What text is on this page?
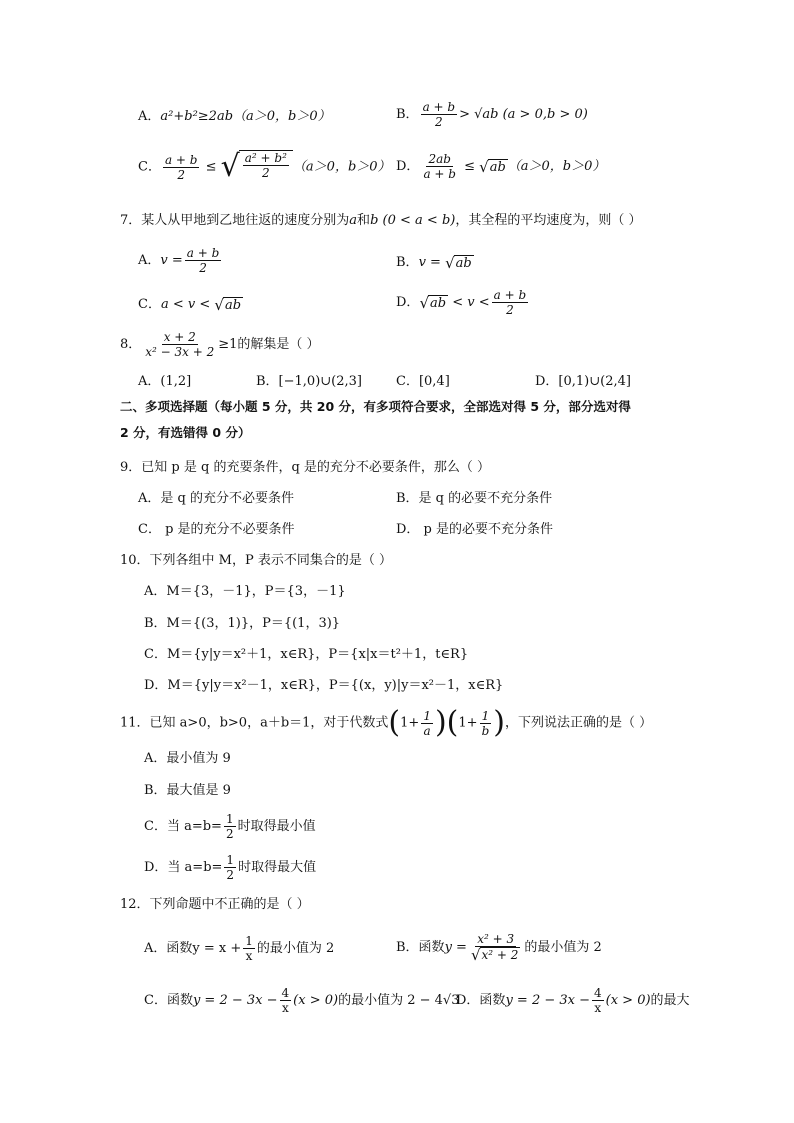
A．a²+b²≥2ab（a＞0，b＞0）	B． $\frac{a + b}{2} > √ab$ (a > 0,b > 0)
C． $\frac{a + b}{2}$ ≤ √ $\frac{\text{a² + b²}}{2} (a>0$，b＞0） D． $\frac{2ab}{a + b}$ ≤ √ ab （a＞0，b＞0）
7．某人从甲地到乙地往返的速度分别为a和b (0 < a < b)，其全程的平均速度为，则（ ）
A．$v = \frac{a + b}{2}$	B．v = √ ab
C．a < v < √ ab	D． √ ab < $v < \frac{a + b}{2}$
8． $\frac{x + 2}{\text{x² − 3x + 2}} \ge 1$的解集是（ ）
A．(1,2]	B．[−1,0)∪(2,3]	C．[0,4]	D．[0,1)∪(2,4]
二、多项选择题（每小题 5 分，共 20 分，有多项符合要求，全部选对得 5 分，部分选对得
2 分，有选错得 0 分）
9．已知 p 是 q 的充要条件，q 是的充分不必要条件，那么（ ）
A．是 q 的充分不必要条件	B．是 q 的必要不充分条件
C． p 是的充分不必要条件	D． p 是的必要不充分条件
10．下列各组中 M，P 表示不同集合的是（ ）
A．M＝{3，－1}，P＝{3，－1}
B．M＝{(3，1)}，P＝{(1，3)}
C．M＝{y|y＝x²＋1，x∈R}，P＝{x|x＝t²＋1，t∈R}
D．M＝{y|y＝x²－1，x∈R}，P＝{(x，y)|y＝x²－1，x∈R}
11．已知 a>0，b>0，a＋b＝1，对于代数式$(1+ \frac{1}{a} )(1+ \frac{1}{b}$ )，下列说法正确的是（ ）
A．最小值为 9
B．最大值是 9
C．当 $a=b= \frac{1}{2}$ 时取得最小值
D．当 $a=b= \frac{1}{2}$ 时取得最大值
12．下列命题中不正确的是（ ）
A．函数$y = x + \frac{1}{x}$ 的最小值为 2	B．函数$y = \frac{\text{x² + 3}}{\text{√ x² + 2}}$ 的最小值为 2
C．函数$y = 2 - 3x - \frac{4}{x} (x > 0)$的最小值为 2 − 4√3
D．函数$y = 2 - 3x - \frac{4}{x} (x > 0)$的最大
